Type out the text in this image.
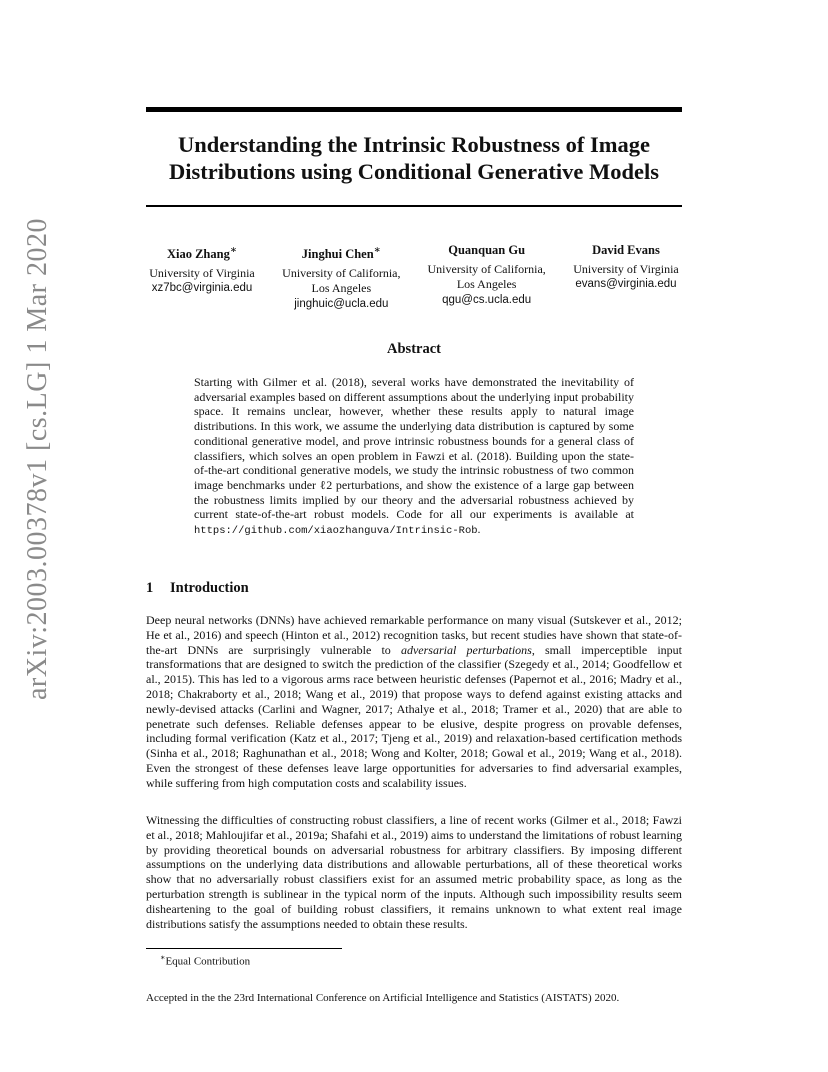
arXiv:2003.00378v1 [cs.LG] 1 Mar 2020
Understanding the Intrinsic Robustness of Image
Distributions using Conditional Generative Models
Xiao Zhang∗
University of Virginia
xz7bc@virginia.edu
Jinghui Chen∗
University of California,
Los Angeles
jinghuic@ucla.edu
Quanquan Gu
University of California,
Los Angeles
qgu@cs.ucla.edu
David Evans
University of Virginia
evans@virginia.edu
Abstract
Starting with Gilmer et al. (2018), several works have demonstrated the inevitability of adversarial examples based on different assumptions about the underlying input probability space. It remains unclear, however, whether these results apply to natural image distributions. In this work, we assume the underlying data distribution is captured by some conditional generative model, and prove intrinsic robustness bounds for a general class of classifiers, which solves an open problem in Fawzi et al. (2018). Building upon the state-of-the-art conditional generative models, we study the intrinsic robustness of two common image benchmarks under ℓ2 perturbations, and show the existence of a large gap between the robustness limits implied by our theory and the adversarial robustness achieved by current state-of-the-art robust models. Code for all our experiments is available at https://github.com/xiaozhanguva/Intrinsic-Rob.
1 Introduction
Deep neural networks (DNNs) have achieved remarkable performance on many visual (Sutskever et al., 2012; He et al., 2016) and speech (Hinton et al., 2012) recognition tasks, but recent studies have shown that state-of-the-art DNNs are surprisingly vulnerable to adversarial perturbations, small imperceptible input transformations that are designed to switch the prediction of the classifier (Szegedy et al., 2014; Goodfellow et al., 2015). This has led to a vigorous arms race between heuristic defenses (Papernot et al., 2016; Madry et al., 2018; Chakraborty et al., 2018; Wang et al., 2019) that propose ways to defend against existing attacks and newly-devised attacks (Carlini and Wagner, 2017; Athalye et al., 2018; Tramer et al., 2020) that are able to penetrate such defenses. Reliable defenses appear to be elusive, despite progress on provable defenses, including formal verification (Katz et al., 2017; Tjeng et al., 2019) and relaxation-based certification methods (Sinha et al., 2018; Raghunathan et al., 2018; Wong and Kolter, 2018; Gowal et al., 2019; Wang et al., 2018). Even the strongest of these defenses leave large opportunities for adversaries to find adversarial examples, while suffering from high computation costs and scalability issues.
Witnessing the difficulties of constructing robust classifiers, a line of recent works (Gilmer et al., 2018; Fawzi et al., 2018; Mahloujifar et al., 2019a; Shafahi et al., 2019) aims to understand the limitations of robust learning by providing theoretical bounds on adversarial robustness for arbitrary classifiers. By imposing different assumptions on the underlying data distributions and allowable perturbations, all of these theoretical works show that no adversarially robust classifiers exist for an assumed metric probability space, as long as the perturbation strength is sublinear in the typical norm of the inputs. Although such impossibility results seem disheartening to the goal of building robust classifiers, it remains unknown to what extent real image distributions satisfy the assumptions needed to obtain these results.
∗Equal Contribution
Accepted in the the 23rd International Conference on Artificial Intelligence and Statistics (AISTATS) 2020.
